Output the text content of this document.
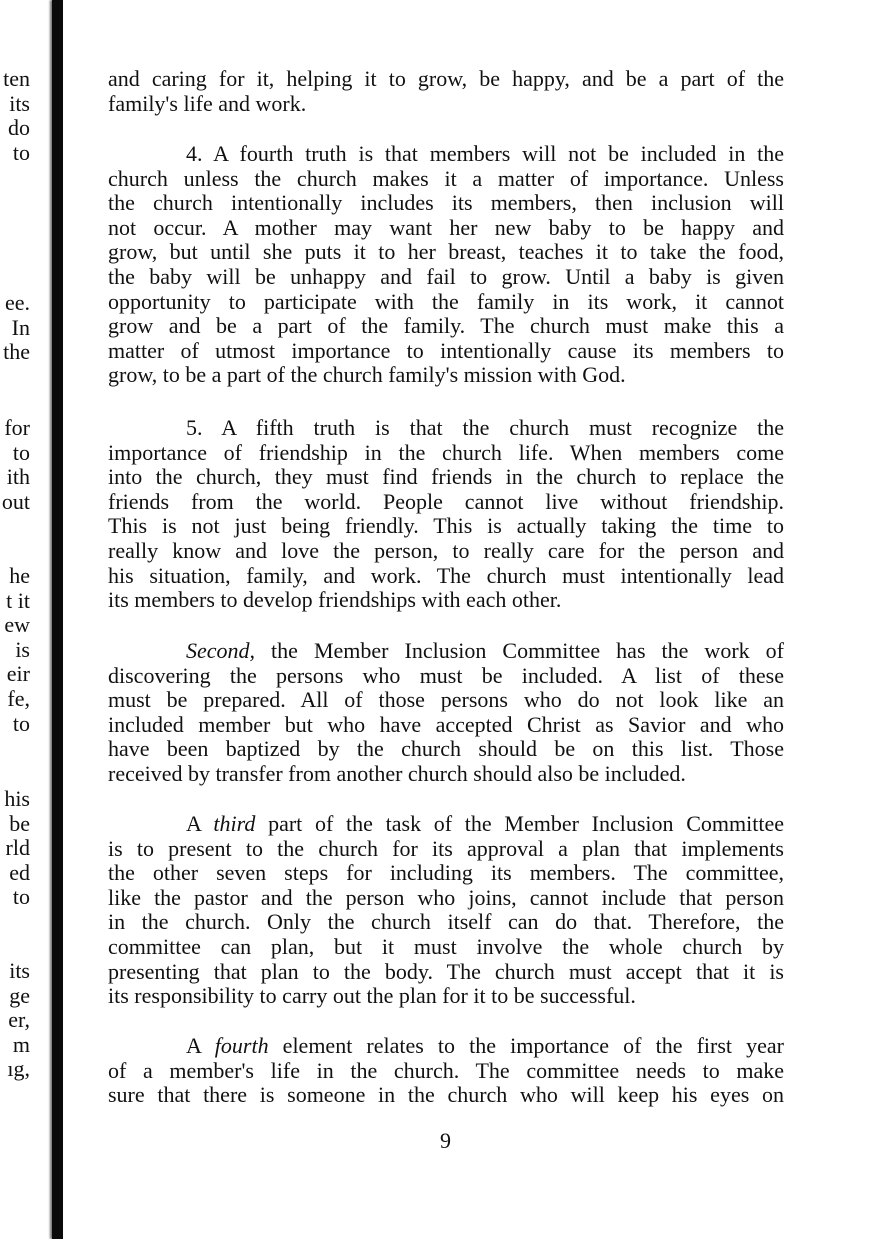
ten
its
do
to
ee.
In
the
for
to
ith
out
he
t it
ew
is
eir
fe,
to
his
be
rld
ed
to
its
ge
er,
m
ıg,
and caring for it, helping it to grow, be happy, and be a part of the
family's life and work.
4. A fourth truth is that members will not be included in the
church unless the church makes it a matter of importance. Unless
the church intentionally includes its members, then inclusion will
not occur. A mother may want her new baby to be happy and
grow, but until she puts it to her breast, teaches it to take the food,
the baby will be unhappy and fail to grow. Until a baby is given
opportunity to participate with the family in its work, it cannot
grow and be a part of the family. The church must make this a
matter of utmost importance to intentionally cause its members to
grow, to be a part of the church family's mission with God.
5. A fifth truth is that the church must recognize the
importance of friendship in the church life. When members come
into the church, they must find friends in the church to replace the
friends from the world. People cannot live without friendship.
This is not just being friendly. This is actually taking the time to
really know and love the person, to really care for the person and
his situation, family, and work. The church must intentionally lead
its members to develop friendships with each other.
Second, the Member Inclusion Committee has the work of
discovering the persons who must be included. A list of these
must be prepared. All of those persons who do not look like an
included member but who have accepted Christ as Savior and who
have been baptized by the church should be on this list. Those
received by transfer from another church should also be included.
A third part of the task of the Member Inclusion Committee
is to present to the church for its approval a plan that implements
the other seven steps for including its members. The committee,
like the pastor and the person who joins, cannot include that person
in the church. Only the church itself can do that. Therefore, the
committee can plan, but it must involve the whole church by
presenting that plan to the body. The church must accept that it is
its responsibility to carry out the plan for it to be successful.
A fourth element relates to the importance of the first year
of a member's life in the church. The committee needs to make
sure that there is someone in the church who will keep his eyes on
9
